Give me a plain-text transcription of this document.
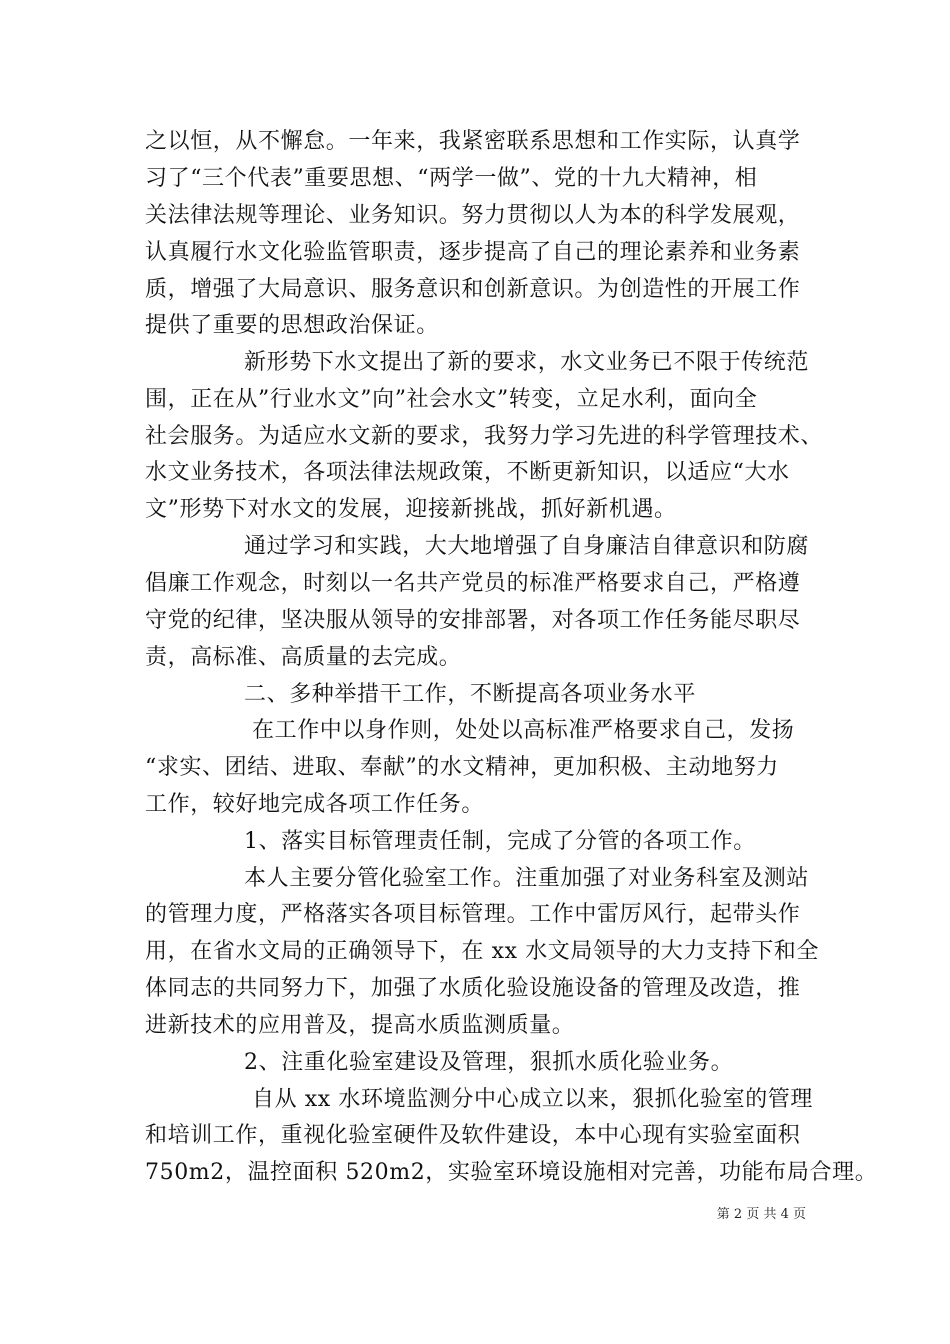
之以恒，从不懈怠。一年来，我紧密联系思想和工作实际，认真学
习了“三个代表”重要思想、“两学一做”、党的十九大精神，相
关法律法规等理论、业务知识。努力贯彻以人为本的科学发展观，
认真履行水文化验监管职责，逐步提高了自己的理论素养和业务素
质，增强了大局意识、服务意识和创新意识。为创造性的开展工作
提供了重要的思想政治保证。
新形势下水文提出了新的要求，水文业务已不限于传统范
围，正在从”行业水文”向”社会水文”转变，立足水利，面向全
社会服务。为适应水文新的要求，我努力学习先进的科学管理技术、
水文业务技术，各项法律法规政策，不断更新知识，以适应“大水
文”形势下对水文的发展，迎接新挑战，抓好新机遇。
通过学习和实践，大大地增强了自身廉洁自律意识和防腐
倡廉工作观念，时刻以一名共产党员的标准严格要求自己，严格遵
守党的纪律，坚决服从领导的安排部署，对各项工作任务能尽职尽
责，高标准、高质量的去完成。
二、多种举措干工作，不断提高各项业务水平
在工作中以身作则，处处以高标准严格要求自己，发扬
“求实、团结、进取、奉献”的水文精神，更加积极、主动地努力
工作，较好地完成各项工作任务。
1、落实目标管理责任制，完成了分管的各项工作。
本人主要分管化验室工作。注重加强了对业务科室及测站
的管理力度，严格落实各项目标管理。工作中雷厉风行，起带头作
用，在省水文局的正确领导下，在 xx 水文局领导的大力支持下和全
体同志的共同努力下，加强了水质化验设施设备的管理及改造，推
进新技术的应用普及，提高水质监测质量。
2、注重化验室建设及管理，狠抓水质化验业务。
自从 xx 水环境监测分中心成立以来，狠抓化验室的管理
和培训工作，重视化验室硬件及软件建设，本中心现有实验室面积
750m2，温控面积 520m2，实验室环境设施相对完善，功能布局合理。
第 2 页 共 4 页
